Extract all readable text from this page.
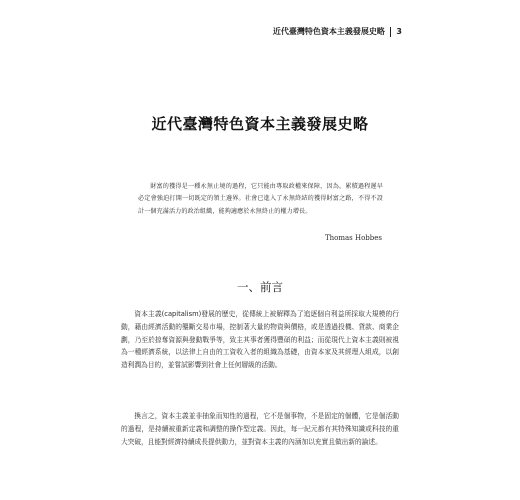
近代臺灣特色資本主義發展史略 3
近代臺灣特色資本主義發展史略
財富的獲得是一種永無止境的過程，它只能由專取政權來保障，因為，累積過程遲早必定會強迫打開一切既定的領土邊界。社會已進入了永無終結的獲得財富之路，不得不設計一個充滿活力的政治組織，能夠適應於永無終止的權力增長。
Thomas Hobbes
一、前言

資本主義(capitalism)發展的歷史，從傳統上被解釋為了追逐個自利益所採取大規模的行動，藉由經濟活動的壟斷交易市場，控制著大量的物資與價格，或是透過投機、貸款、商業企劃，乃至於掠奪資源與發動戰爭等，致主其事者獲得豐碩的利益；而從現代上資本主義則被視為一種經濟系統，以法律上自由的工資收入者的組織為基礎，由資本家及其經理人組成，以創造利潤為目的，並嘗試影響到社會上任何層級的活動。

換言之，資本主義並非抽象而知性的過程，它不是個事物，不是固定的個體，它是個活動的過程，是持續被重新定義和調整的操作型定義。因此，每一紀元都有其特殊知識或科技的重大突破，且能對經濟持續成長提供動力，並對資本主義的內涵加以充實且做出新的論述。
